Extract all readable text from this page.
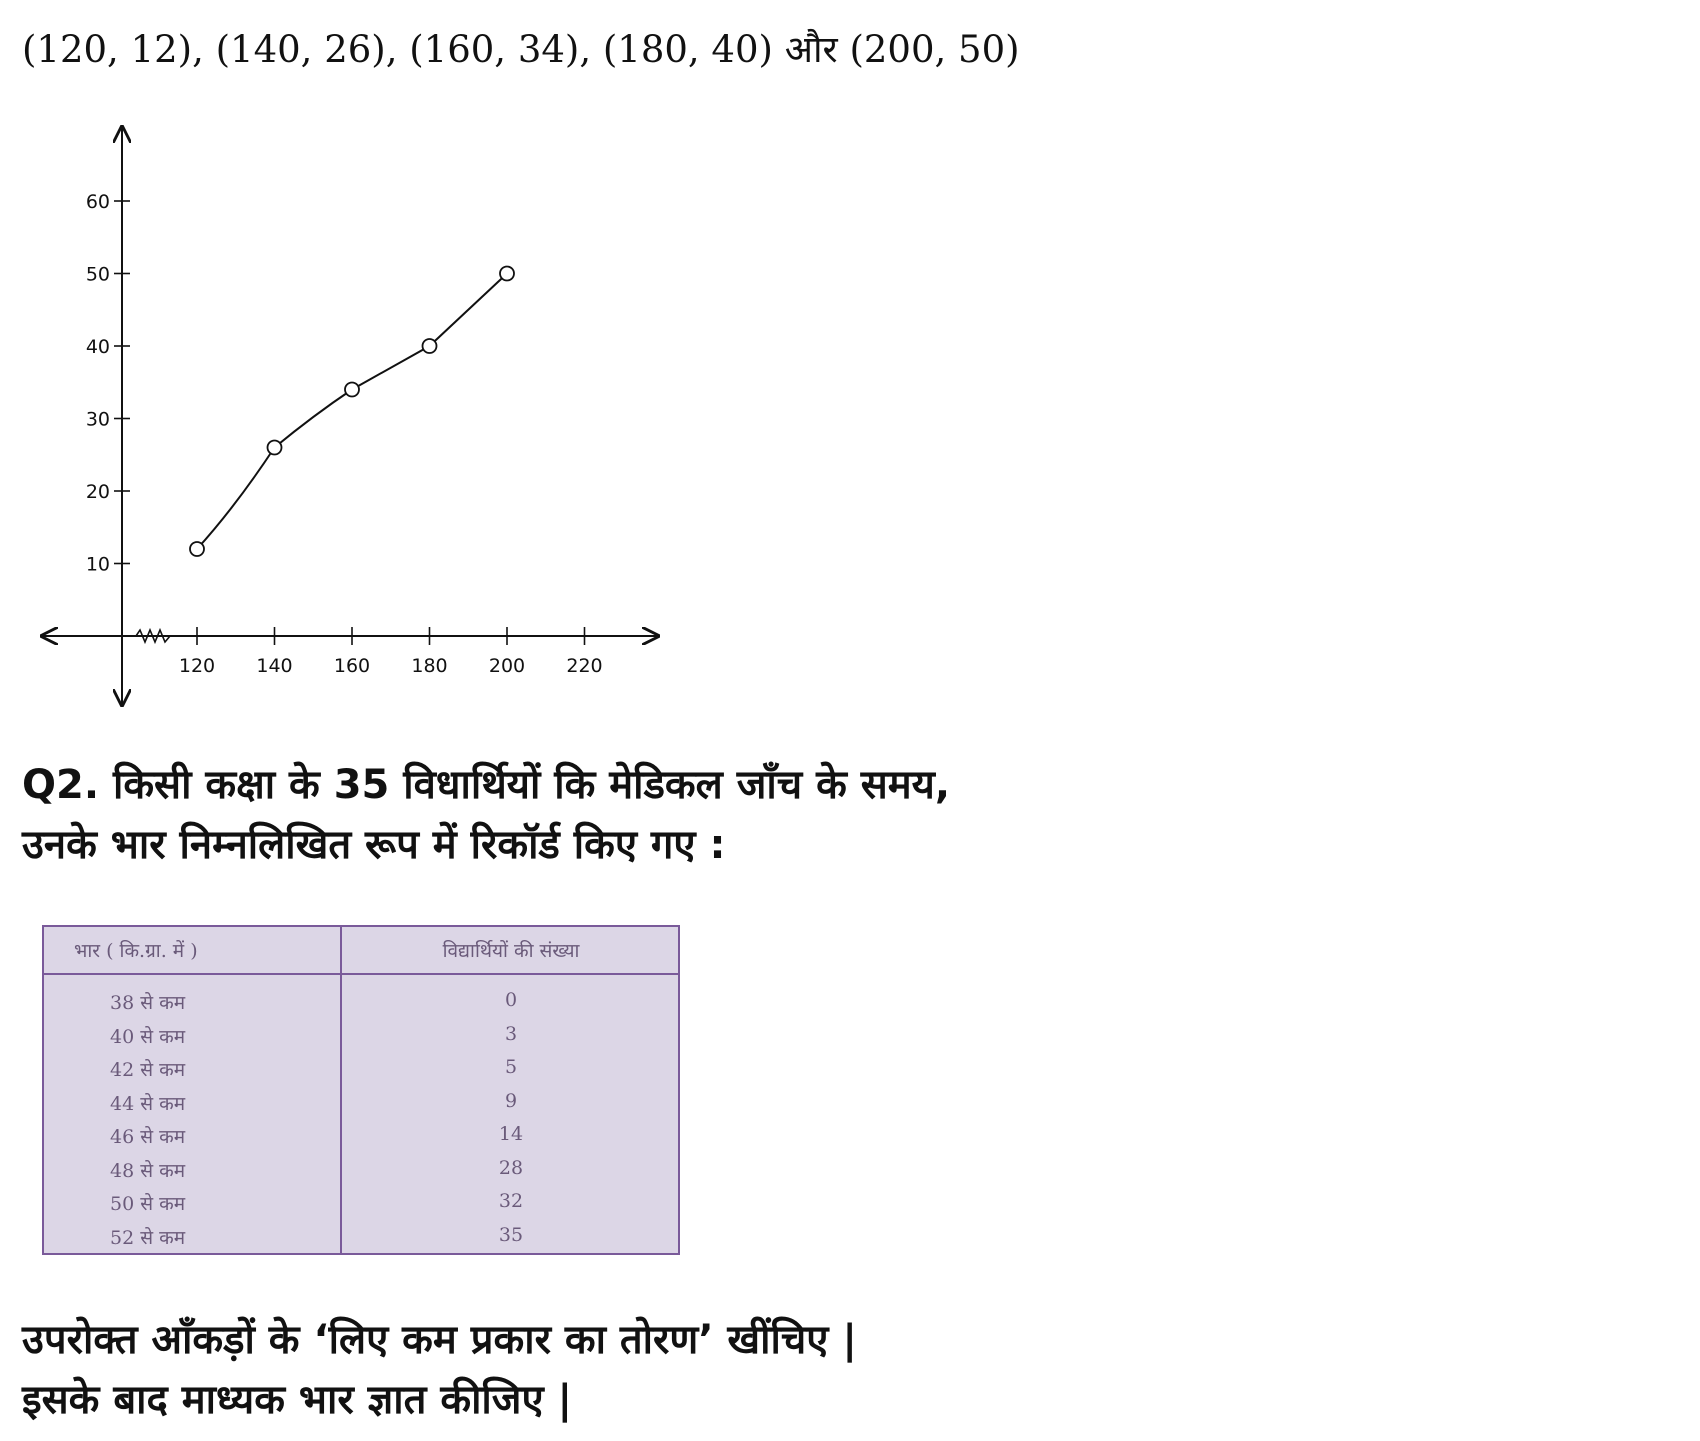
(120, 12), (140, 26), (160, 34), (180, 40) और (200, 50)
120 140 160 180 200 220
10
20
30
40
50
60
Q2. किसी कक्षा के 35 विधार्थियों कि मेडिकल जाँच के समय,
उनके भार निम्नलिखित रूप में रिकॉर्ड किए गए :
भार ( कि.ग्रा. में )	विद्यार्थियों की संख्या
38 से कम	0
40 से कम	3
42 से कम	5
44 से कम	9
46 से कम	14
48 से कम	28
50 से कम	32
52 से कम	35
उपरोक्त आँकड़ों के ‘लिए कम प्रकार का तोरण’ खींचिए |
इसके बाद माध्यक भार ज्ञात कीजिए |
